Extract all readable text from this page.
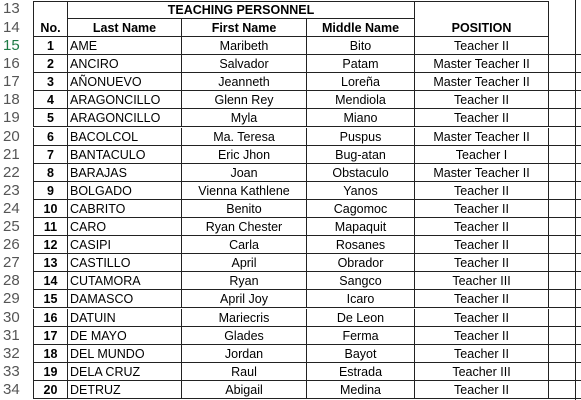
13	TEACHING PERSONNEL
14	No.	Last Name	First Name	Middle Name	POSITION
15	1	AME	Maribeth	Bito	Teacher II
16	2	ANCIRO	Salvador	Patam	Master Teacher II
17	3	AÑONUEVO	Jeanneth	Loreña	Master Teacher II
18	4	ARAGONCILLO	Glenn Rey	Mendiola	Teacher II
19	5	ARAGONCILLO	Myla	Miano	Teacher II
20	6	BACOLCOL	Ma. Teresa	Puspus	Master Teacher II
21	7	BANTACULO	Eric Jhon	Bug-atan	Teacher I
22	8	BARAJAS	Joan	Obstaculo	Master Teacher II
23	9	BOLGADO	Vienna Kathlene	Yanos	Teacher II
24	10	CABRITO	Benito	Cagomoc	Teacher II
25	11	CARO	Ryan Chester	Mapaquit	Teacher II
26	12	CASIPI	Carla	Rosanes	Teacher II
27	13	CASTILLO	April	Obrador	Teacher II
28	14	CUTAMORA	Ryan	Sangco	Teacher III
29	15	DAMASCO	April Joy	Icaro	Teacher II
30	16	DATUIN	Mariecris	De Leon	Teacher II
31	17	DE MAYO	Glades	Ferma	Teacher II
32	18	DEL MUNDO	Jordan	Bayot	Teacher II
33	19	DELA CRUZ	Raul	Estrada	Teacher III
34	20	DETRUZ	Abigail	Medina	Teacher II
